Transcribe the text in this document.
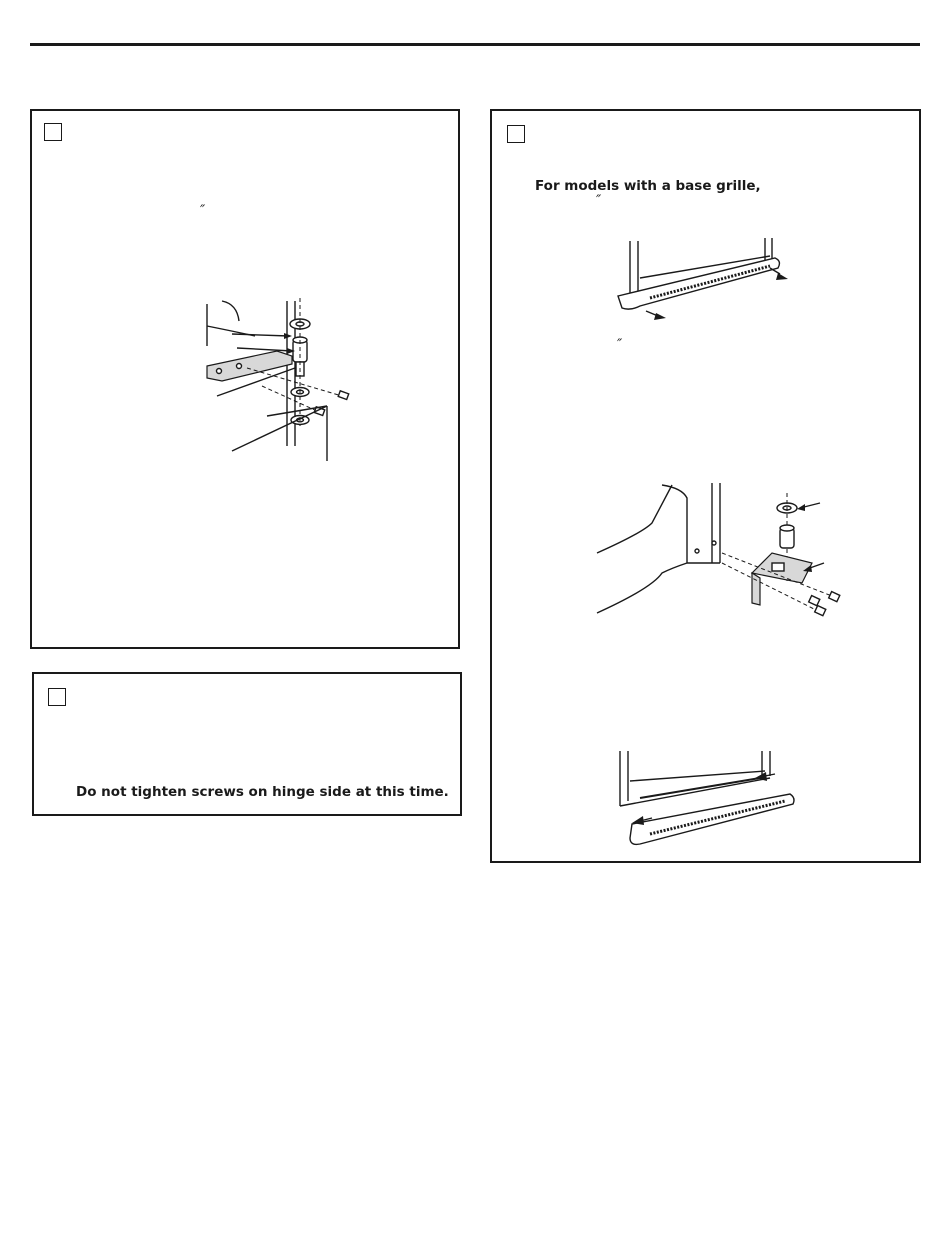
″
Do not tighten screws on hinge side at this time.
For models with a base grille,
″
″
